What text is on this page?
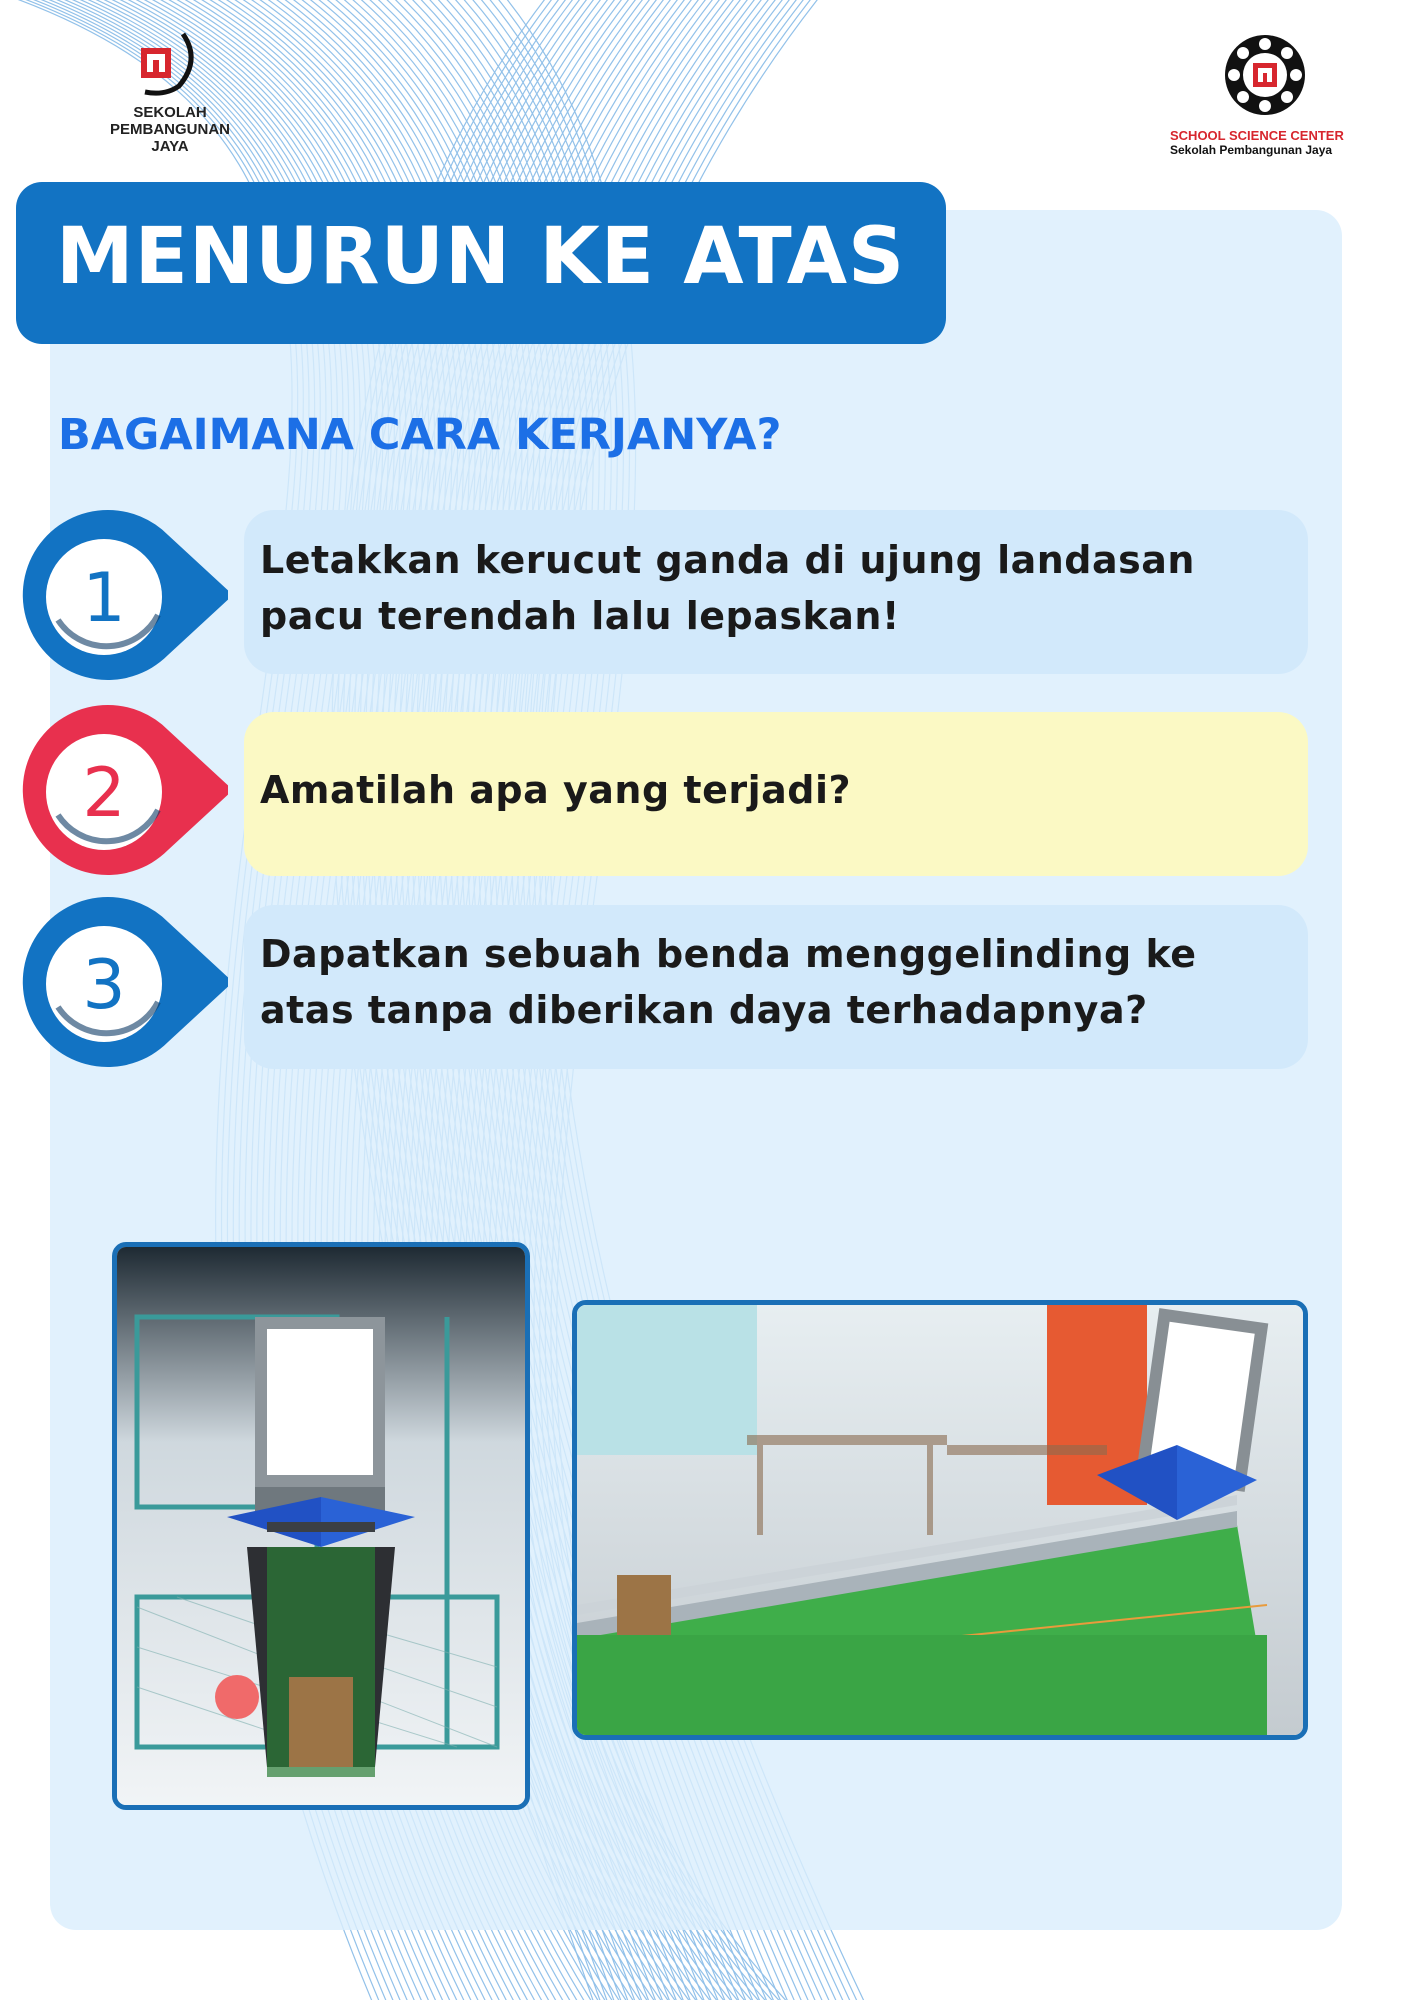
SEKOLAH
PEMBANGUNAN JAYA
SCHOOL SCIENCE CENTER
Sekolah Pembangunan Jaya
MENURUN KE ATAS
BAGAIMANA CARA KERJANYA?
1	Letakkan kerucut ganda di ujung landasan
pacu terendah lalu lepaskan!

2	Amatilah apa yang terjadi?

3	Dapatkan sebuah benda menggelinding ke
atas tanpa diberikan daya terhadapnya?
